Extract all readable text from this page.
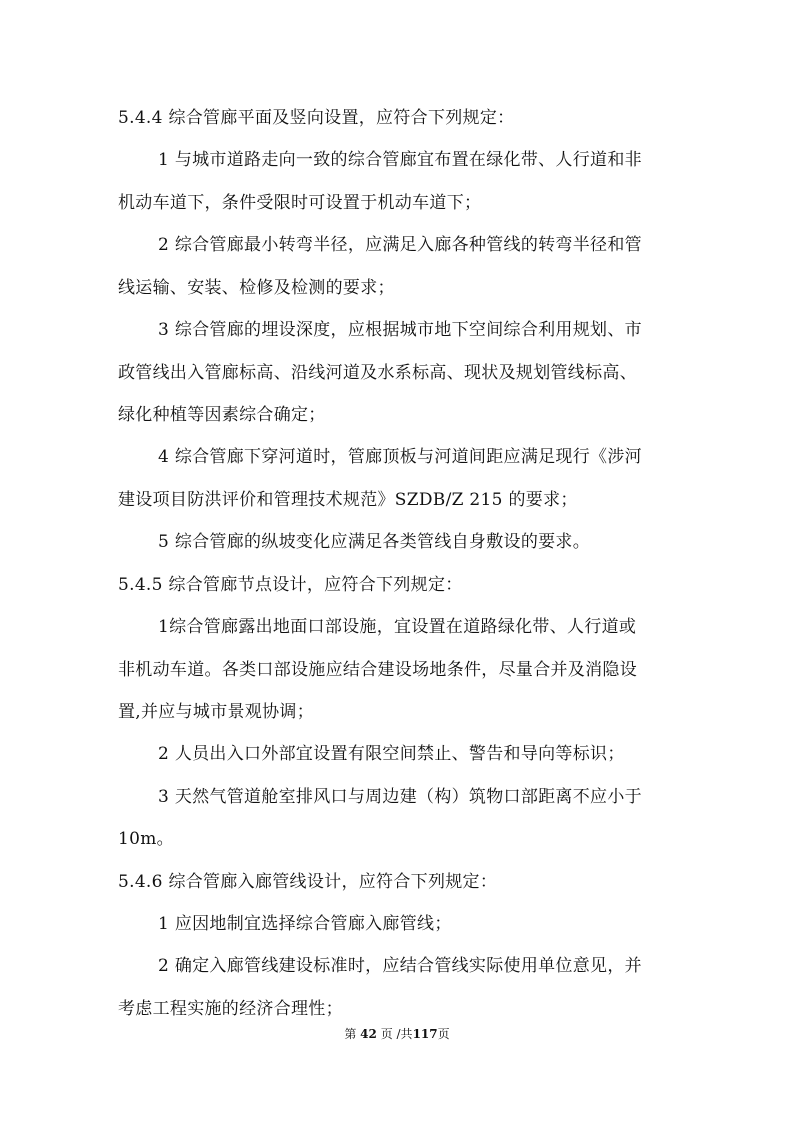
5.4.4 综合管廊平面及竖向设置，应符合下列规定：
1 与城市道路走向一致的综合管廊宜布置在绿化带、人行道和非
机动车道下，条件受限时可设置于机动车道下；
2 综合管廊最小转弯半径，应满足入廊各种管线的转弯半径和管
线运输、安装、检修及检测的要求；
3 综合管廊的埋设深度，应根据城市地下空间综合利用规划、市
政管线出入管廊标高、沿线河道及水系标高、现状及规划管线标高、
绿化种植等因素综合确定；
4 综合管廊下穿河道时，管廊顶板与河道间距应满足现行《涉河
建设项目防洪评价和管理技术规范》SZDB/Z 215 的要求；
5 综合管廊的纵坡变化应满足各类管线自身敷设的要求。
5.4.5 综合管廊节点设计，应符合下列规定：
1综合管廊露出地面口部设施，宜设置在道路绿化带、人行道或
非机动车道。各类口部设施应结合建设场地条件，尽量合并及消隐设
置,并应与城市景观协调；
2 人员出入口外部宜设置有限空间禁止、警告和导向等标识；
3 天然气管道舱室排风口与周边建（构）筑物口部距离不应小于
10m。
5.4.6 综合管廊入廊管线设计，应符合下列规定：
1 应因地制宜选择综合管廊入廊管线；
2 确定入廊管线建设标准时，应结合管线实际使用单位意见，并
考虑工程实施的经济合理性；
第 42 页 /共117页
